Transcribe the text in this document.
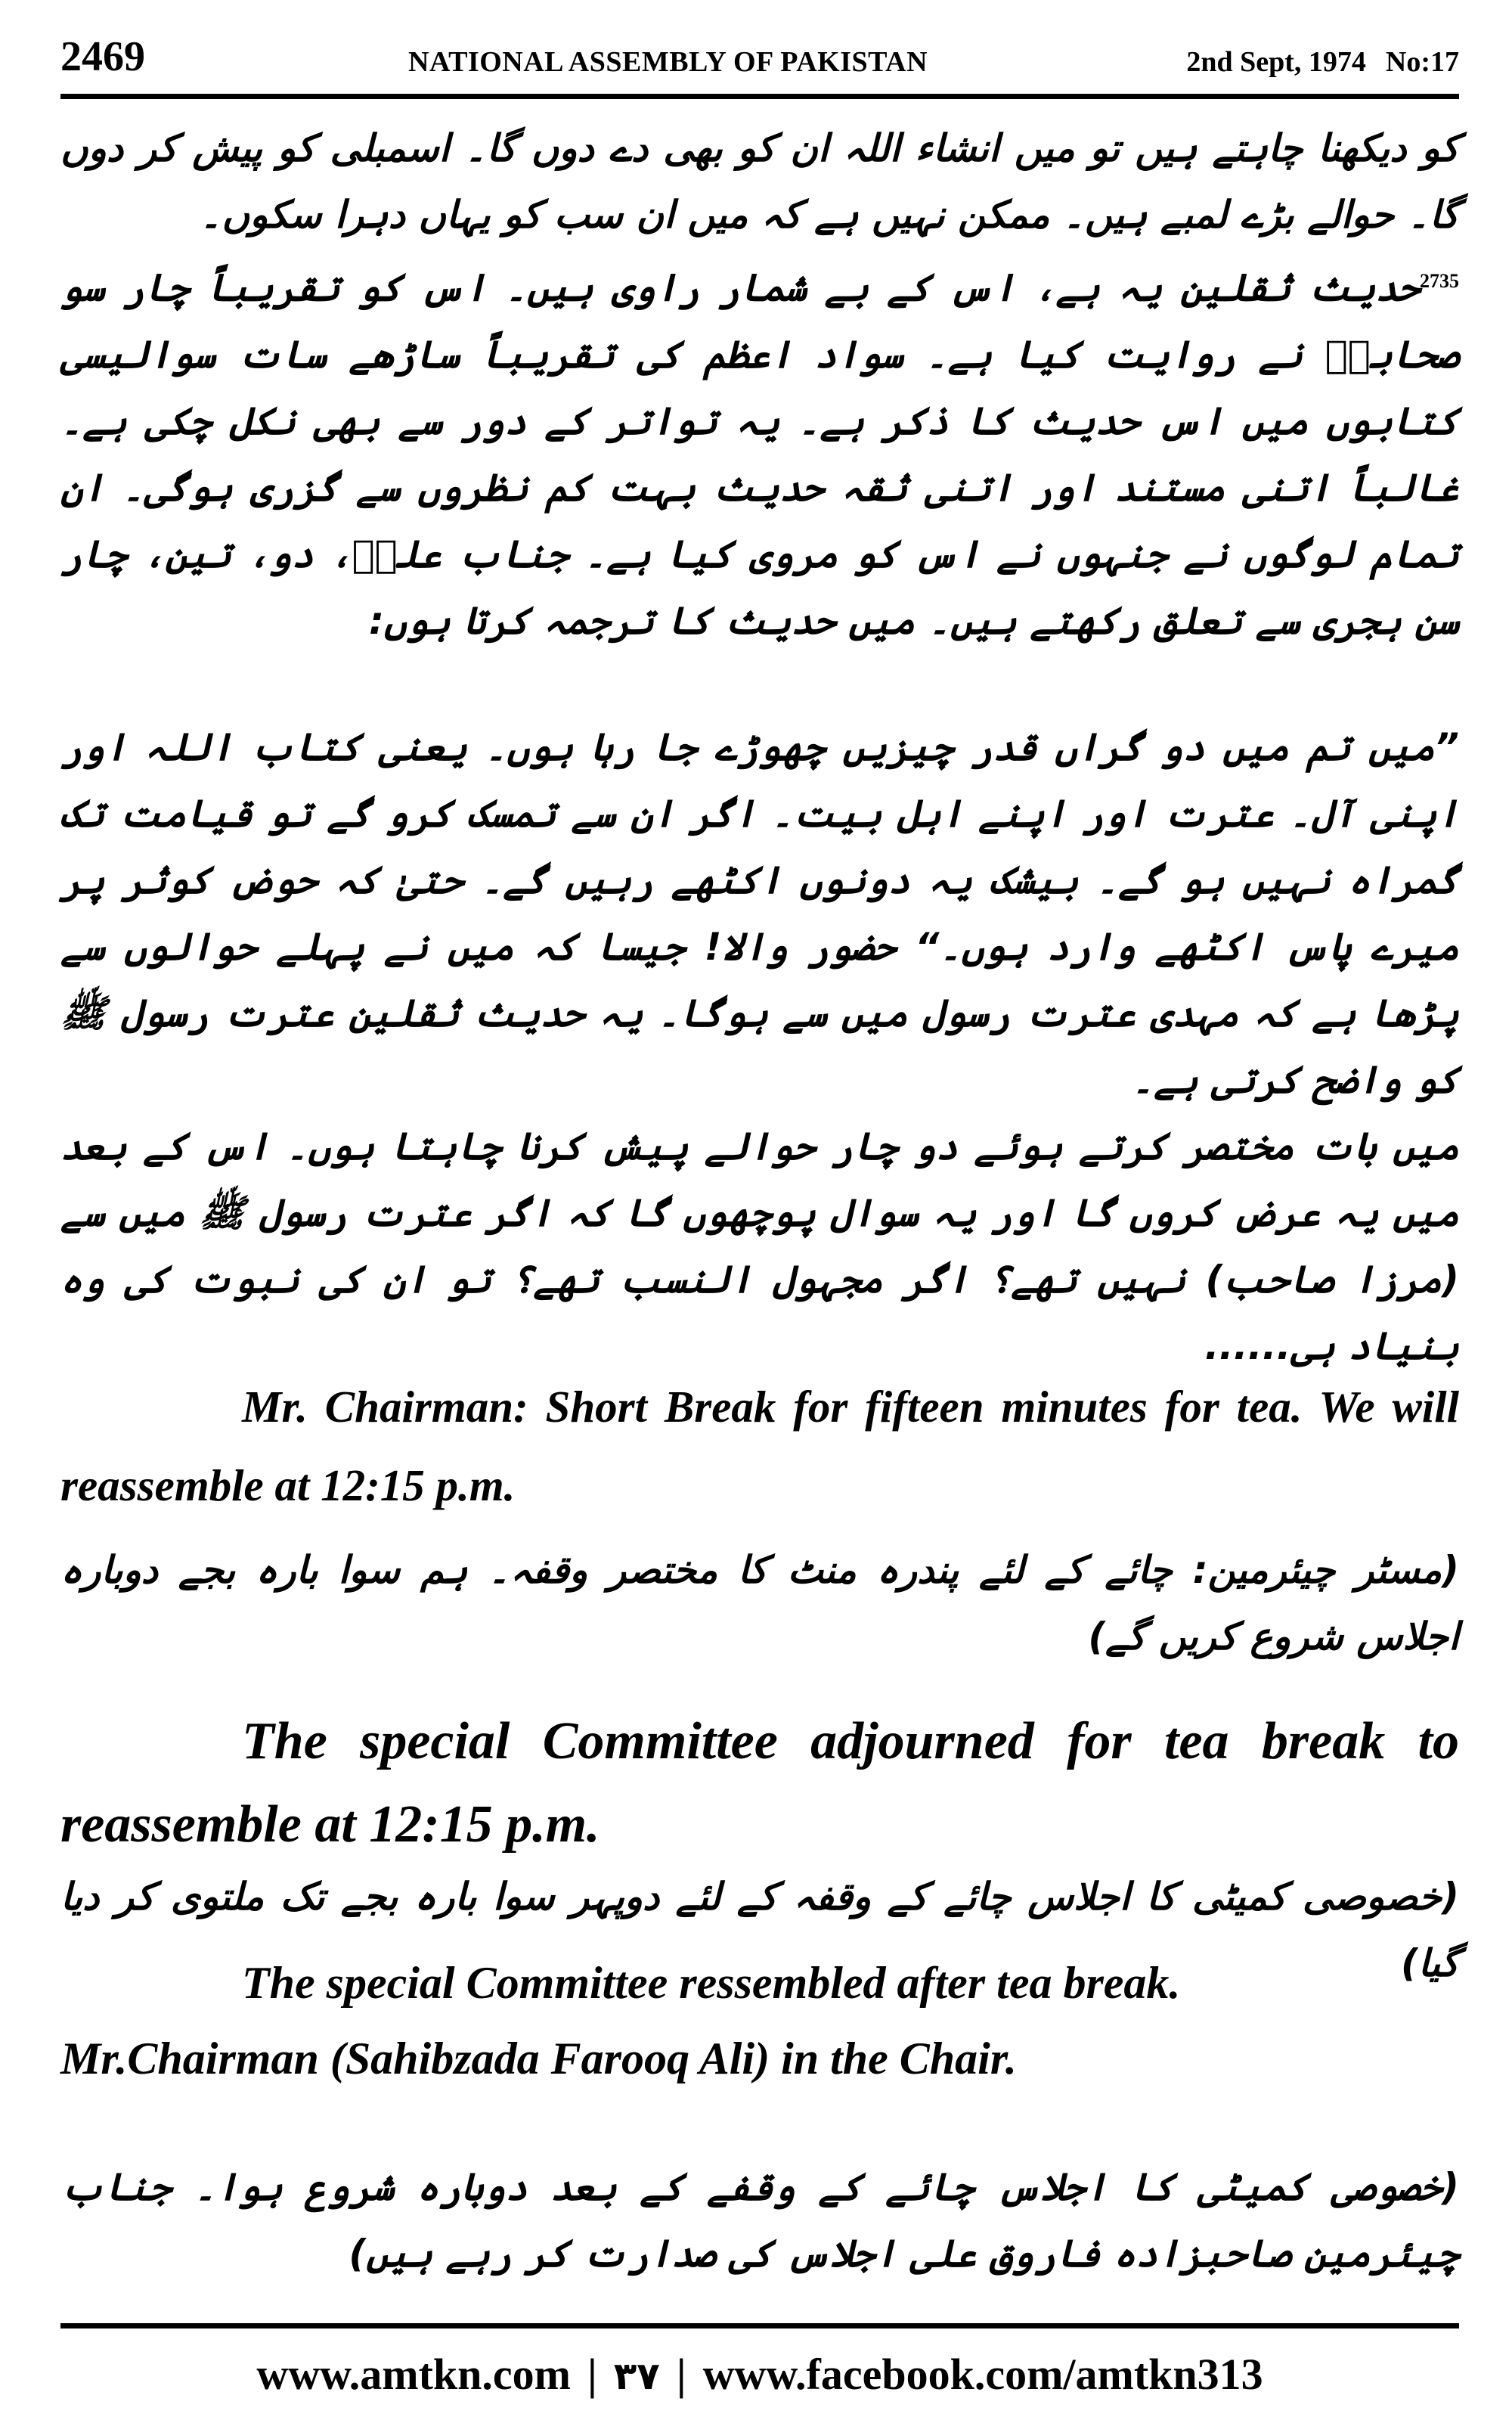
2469	NATIONAL ASSEMBLY OF PAKISTAN	2nd Sept, 1974 No:17

کو دیکھنا چاہتے ہیں تو میں انشاء اللہ ان کو بھی دے دوں گا۔ اسمبلی کو پیش کر دوں گا۔ حوالے بڑے لمبے ہیں۔ ممکن نہیں ہے کہ میں ان سب کو یہاں دہرا سکوں۔

$^{2735}$حدیث ثقلین یہ ہے، اس کے بے شمار راوی ہیں۔ اس کو تقریباً چار سو صحابہؓ نے روایت کیا ہے۔ سواد اعظم کی تقریباً ساڑھے سات سوالیسی کتابوں میں اس حدیث کا ذکر ہے۔ یہ تواتر کے دور سے بھی نکل چکی ہے۔ غالباً اتنی مستند اور اتنی ثقہ حدیث بہت کم نظروں سے گزری ہوگی۔ ان تمام لوگوں نے جنہوں نے اس کو مروی کیا ہے۔ جناب علیؓ، دو، تین، چار سن ہجری سے تعلق رکھتے ہیں۔ میں حدیث کا ترجمہ کرتا ہوں:

”میں تم میں دو گراں قدر چیزیں چھوڑے جا رہا ہوں۔ یعنی کتاب اللہ اور اپنی آل۔ عترت اور اپنے اہل بیت۔ اگر ان سے تمسک کرو گے تو قیامت تک گمراہ نہیں ہو گے۔ بیشک یہ دونوں اکٹھے رہیں گے۔ حتیٰ کہ حوض کوثر پر میرے پاس اکٹھے وارد ہوں۔“ حضور والا! جیسا کہ میں نے پہلے حوالوں سے پڑھا ہے کہ مہدی عترت رسول میں سے ہوگا۔ یہ حدیث ثقلین عترت رسول ﷺ کو واضح کرتی ہے۔

میں بات مختصر کرتے ہوئے دو چار حوالے پیش کرنا چاہتا ہوں۔ اس کے بعد میں یہ عرض کروں گا اور یہ سوال پوچھوں گا کہ اگر عترت رسول ﷺ میں سے (مرزا صاحب) نہیں تھے؟ اگر مجہول النسب تھے؟ تو ان کی نبوت کی وہ بنیاد ہی......

Mr. Chairman: Short Break for fifteen minutes for tea. We will reassemble at 12:15 p.m.

(مسٹر چیئرمین: چائے کے لئے پندرہ منٹ کا مختصر وقفہ۔ ہم سوا بارہ بجے دوبارہ اجلاس شروع کریں گے)

The special Committee adjourned for tea break to reassemble at 12:15 p.m.

(خصوصی کمیٹی کا اجلاس چائے کے وقفہ کے لئے دوپہر سوا بارہ بجے تک ملتوی کر دیا گیا)

The special Committee ressembled after tea break.
Mr.Chairman (Sahibzada Farooq Ali) in the Chair.

(خصوصی کمیٹی کا اجلاس چائے کے وقفے کے بعد دوبارہ شروع ہوا۔ جناب چیئرمین صاحبزادہ فاروق علی اجلاس کی صدارت کر رہے ہیں)

www.amtkn.com | ۳۷ | www.facebook.com/amtkn313
